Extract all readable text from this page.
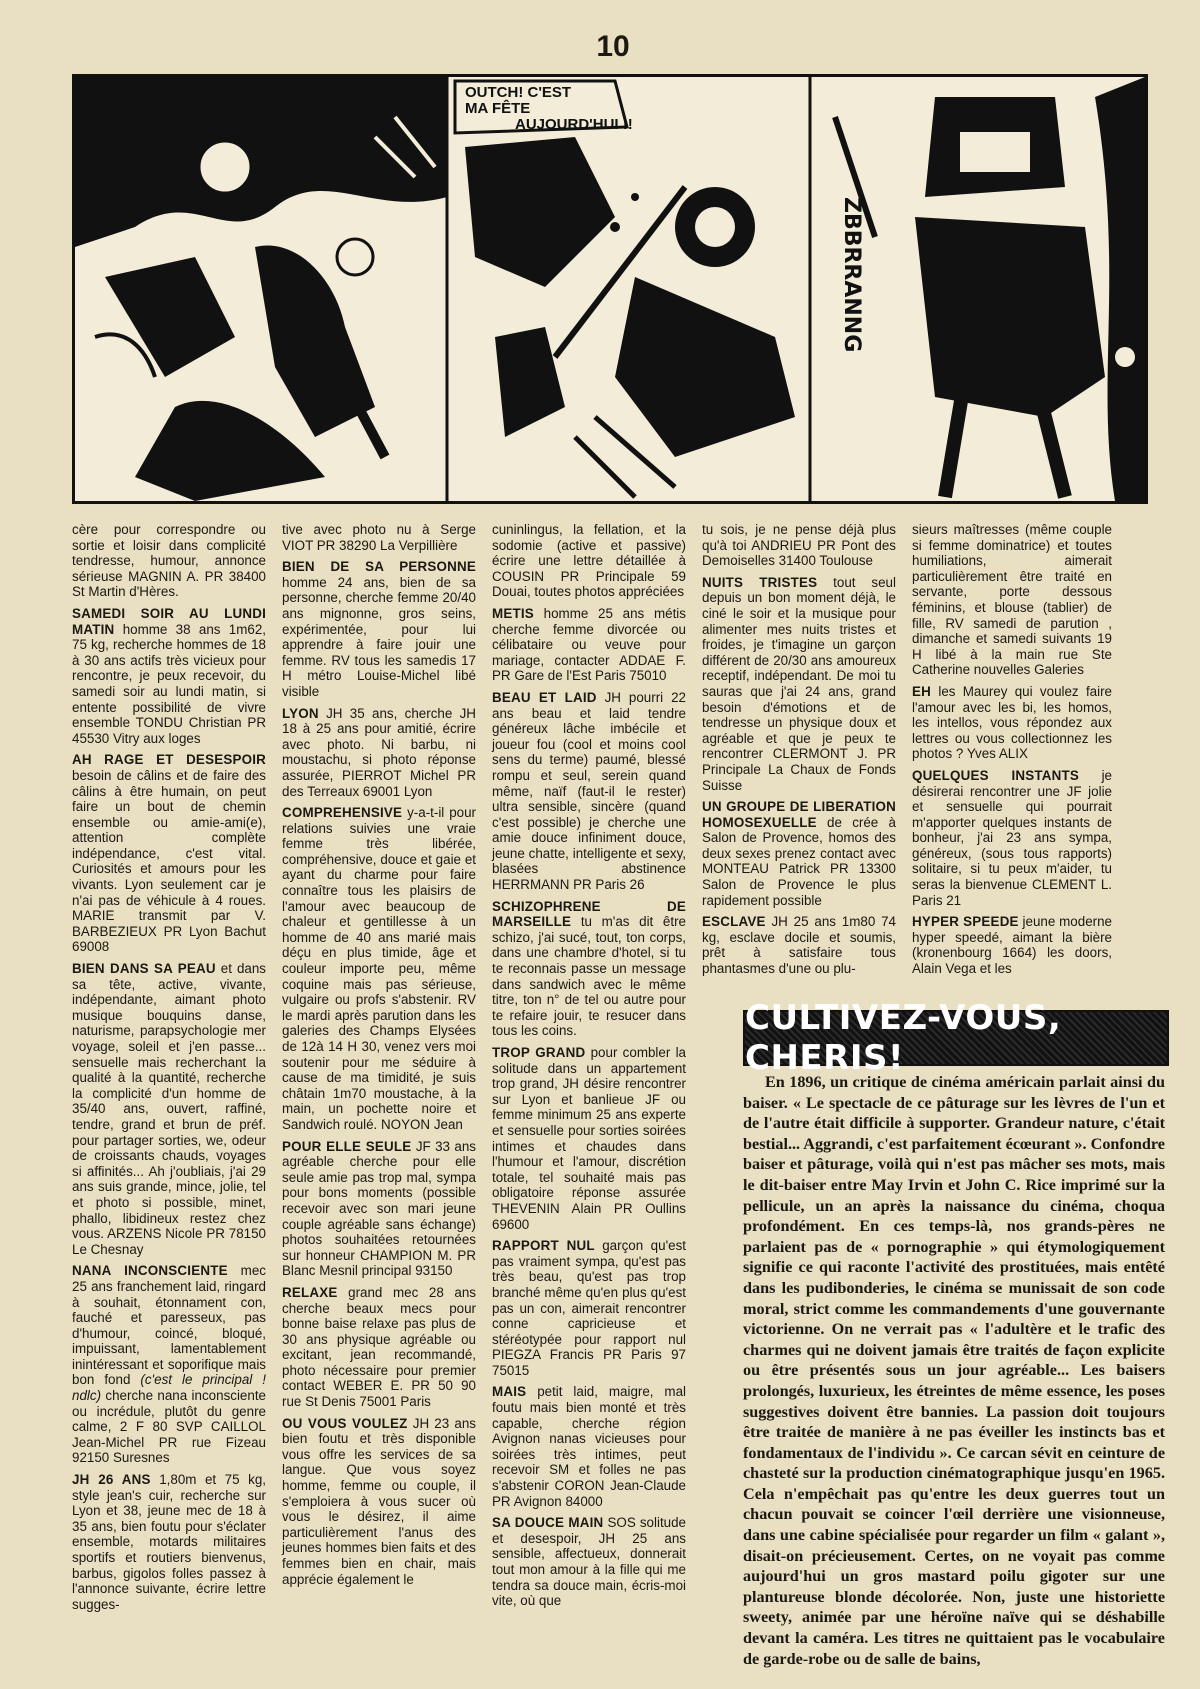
10
OUTCH! C'EST
MA FÊTE
AUJOURD'HUI !!
ZBBRRANNG

cère pour correspondre ou sortie et loisir dans complicité tendresse, humour, annonce sérieuse MAGNIN A. PR 38400 St Martin d'Hères.

SAMEDI SOIR AU LUNDI MATIN homme 38 ans 1m62, 75 kg, recherche hommes de 18 à 30 ans actifs très vicieux pour rencontre, je peux recevoir, du samedi soir au lundi matin, si entente possibilité de vivre ensemble TONDU Christian PR 45530 Vitry aux loges

AH RAGE ET DESESPOIR besoin de câlins et de faire des câlins à être humain, on peut faire un bout de chemin ensemble ou amie-ami(e), attention complète indépendance, c'est vital. Curiosités et amours pour les vivants. Lyon seulement car je n'ai pas de véhicule à 4 roues. MARIE transmit par V. BARBEZIEUX PR Lyon Bachut 69008

BIEN DANS SA PEAU et dans sa tête, active, vivante, indépendante, aimant photo musique bouquins danse, naturisme, parapsychologie mer voyage, soleil et j'en passe... sensuelle mais recherchant la qualité à la quantité, recherche la complicité d'un homme de 35/40 ans, ouvert, raffiné, tendre, grand et brun de préf. pour partager sorties, we, odeur de croissants chauds, voyages si affinités... Ah j'oubliais, j'ai 29 ans suis grande, mince, jolie, tel et photo si possible, minet, phallo, libidineux restez chez vous. ARZENS Nicole PR 78150 Le Chesnay

NANA INCONSCIENTE mec 25 ans franchement laid, ringard à souhait, étonnament con, fauché et paresseux, pas d'humour, coincé, bloqué, impuissant, lamentablement inintéressant et soporifique mais bon fond (c'est le principal ! ndlc) cherche nana inconsciente ou incrédule, plutôt du genre calme, 2 F 80 SVP CAILLOL Jean-Michel PR rue Fizeau 92150 Suresnes

JH 26 ANS 1,80m et 75 kg, style jean's cuir, recherche sur Lyon et 38, jeune mec de 18 à 35 ans, bien foutu pour s'éclater ensemble, motards militaires sportifs et routiers bienvenus, barbus, gigolos folles passez à l'annonce suivante, écrire lettre sugges-

tive avec photo nu à Serge VIOT PR 38290 La Verpillière

BIEN DE SA PERSONNE homme 24 ans, bien de sa personne, cherche femme 20/40 ans mignonne, gros seins, expérimentée, pour lui apprendre à faire jouir une femme. RV tous les samedis 17 H métro Louise-Michel libé visible

LYON JH 35 ans, cherche JH 18 à 25 ans pour amitié, écrire avec photo. Ni barbu, ni moustachu, si photo réponse assurée, PIERROT Michel PR des Terreaux 69001 Lyon

COMPREHENSIVE y-a-t-il pour relations suivies une vraie femme très libérée, compréhensive, douce et gaie et ayant du charme pour faire connaître tous les plaisirs de l'amour avec beaucoup de chaleur et gentillesse à un homme de 40 ans marié mais déçu en plus timide, âge et couleur importe peu, même coquine mais pas sérieuse, vulgaire ou profs s'abstenir. RV le mardi après parution dans les galeries des Champs Elysées de 12à 14 H 30, venez vers moi soutenir pour me séduire à cause de ma timidité, je suis châtain 1m70 moustache, à la main, un pochette noire et Sandwich roulé. NOYON Jean

POUR ELLE SEULE JF 33 ans agréable cherche pour elle seule amie pas trop mal, sympa pour bons moments (possible recevoir avec son mari jeune couple agréable sans échange) photos souhaitées retournées sur honneur CHAMPION M. PR Blanc Mesnil principal 93150

RELAXE grand mec 28 ans cherche beaux mecs pour bonne baise relaxe pas plus de 30 ans physique agréable ou excitant, jean recommandé, photo nécessaire pour premier contact WEBER E. PR 50 90 rue St Denis 75001 Paris

OU VOUS VOULEZ JH 23 ans bien foutu et très disponible vous offre les services de sa langue. Que vous soyez homme, femme ou couple, il s'emploiera à vous sucer où vous le désirez, il aime particulièrement l'anus des jeunes hommes bien faits et des femmes bien en chair, mais apprécie également le

cuninlingus, la fellation, et la sodomie (active et passive) écrire une lettre détaillée à COUSIN PR Principale 59 Douai, toutes photos appréciées

METIS homme 25 ans métis cherche femme divorcée ou célibataire ou veuve pour mariage, contacter ADDAE F. PR Gare de l'Est Paris 75010

BEAU ET LAID JH pourri 22 ans beau et laid tendre généreux lâche imbécile et joueur fou (cool et moins cool sens du terme) paumé, blessé rompu et seul, serein quand même, naïf (faut-il le rester) ultra sensible, sincère (quand c'est possible) je cherche une amie douce infiniment douce, jeune chatte, intelligente et sexy, blasées abstinence HERRMANN PR Paris 26

SCHIZOPHRENE DE MARSEILLE tu m'as dit être schizo, j'ai sucé, tout, ton corps, dans une chambre d'hotel, si tu te reconnais passe un message dans sandwich avec le même titre, ton n° de tel ou autre pour te refaire jouir, te resucer dans tous les coins.

TROP GRAND pour combler la solitude dans un appartement trop grand, JH désire rencontrer sur Lyon et banlieue JF ou femme minimum 25 ans experte et sensuelle pour sorties soirées intimes et chaudes dans l'humour et l'amour, discrétion totale, tel souhaité mais pas obligatoire réponse assurée THEVENIN Alain PR Oullins 69600

RAPPORT NUL garçon qu'est pas vraiment sympa, qu'est pas très beau, qu'est pas trop branché même qu'en plus qu'est pas un con, aimerait rencontrer conne capricieuse et stéréotypée pour rapport nul PIEGZA Francis PR Paris 97 75015

MAIS petit laid, maigre, mal foutu mais bien monté et très capable, cherche région Avignon nanas vicieuses pour soirées très intimes, peut recevoir SM et folles ne pas s'abstenir CORON Jean-Claude PR Avignon 84000

SA DOUCE MAIN SOS solitude et desespoir, JH 25 ans sensible, affectueux, donnerait tout mon amour à la fille qui me tendra sa douce main, écris-moi vite, où que

tu sois, je ne pense déjà plus qu'à toi ANDRIEU PR Pont des Demoiselles 31400 Toulouse

NUITS TRISTES tout seul depuis un bon moment déjà, le ciné le soir et la musique pour alimenter mes nuits tristes et froides, je t'imagine un garçon différent de 20/30 ans amoureux receptif, indépendant. De moi tu sauras que j'ai 24 ans, grand besoin d'émotions et de tendresse un physique doux et agréable et que je peux te rencontrer CLERMONT J. PR Principale La Chaux de Fonds Suisse

UN GROUPE DE LIBERATION HOMOSEXUELLE de crée à Salon de Provence, homos des deux sexes prenez contact avec MONTEAU Patrick PR 13300 Salon de Provence le plus rapidement possible

ESCLAVE JH 25 ans 1m80 74 kg, esclave docile et soumis, prêt à satisfaire tous phantasmes d'une ou plu-

sieurs maîtresses (même couple si femme dominatrice) et toutes humiliations, aimerait particulièrement être traité en servante, porte dessous féminins, et blouse (tablier) de fille, RV samedi de parution , dimanche et samedi suivants 19 H libé à la main rue Ste Catherine nouvelles Galeries

EH les Maurey qui voulez faire l'amour avec les bi, les homos, les intellos, vous répondez aux lettres ou vous collectionnez les photos ? Yves ALIX

QUELQUES INSTANTS je désirerai rencontrer une JF jolie et sensuelle qui pourrait m'apporter quelques instants de bonheur, j'ai 23 ans sympa, généreux, (sous tous rapports) solitaire, si tu peux m'aider, tu seras la bienvenue CLEMENT L. Paris 21

HYPER SPEEDE jeune moderne hyper speedé, aimant la bière (kronenbourg 1664) les doors, Alain Vega et les

CULTIVEZ-VOUS, CHERIS!

En 1896, un critique de cinéma américain parlait ainsi du baiser. « Le spectacle de ce pâturage sur les lèvres de l'un et de l'autre était difficile à supporter. Grandeur nature, c'était bestial... Aggrandi, c'est parfaitement écœurant ». Confondre baiser et pâturage, voilà qui n'est pas mâcher ses mots, mais le dit-baiser entre May Irvin et John C. Rice imprimé sur la pellicule, un an après la naissance du cinéma, choqua profondément. En ces temps-là, nos grands-pères ne parlaient pas de « pornographie » qui étymologiquement signifie ce qui raconte l'activité des prostituées, mais entêté dans les pudibonderies, le cinéma se munissait de son code moral, strict comme les commandements d'une gouvernante victorienne. On ne verrait pas « l'adultère et le trafic des charmes qui ne doivent jamais être traités de façon explicite ou être présentés sous un jour agréable... Les baisers prolongés, luxurieux, les étreintes de même essence, les poses suggestives doivent être bannies. La passion doit toujours être traitée de manière à ne pas éveiller les instincts bas et fondamentaux de l'individu ». Ce carcan sévit en ceinture de chasteté sur la production cinématographique jusqu'en 1965. Cela n'empêchait pas qu'entre les deux guerres tout un chacun pouvait se coincer l'œil derrière une visionneuse, dans une cabine spécialisée pour regarder un film « galant », disait-on précieusement. Certes, on ne voyait pas comme aujourd'hui un gros mastard poilu gigoter sur une plantureuse blonde décolorée. Non, juste une historiette sweety, animée par une héroïne naïve qui se déshabille devant la caméra. Les titres ne quittaient pas le vocabulaire de garde-robe ou de salle de bains,
